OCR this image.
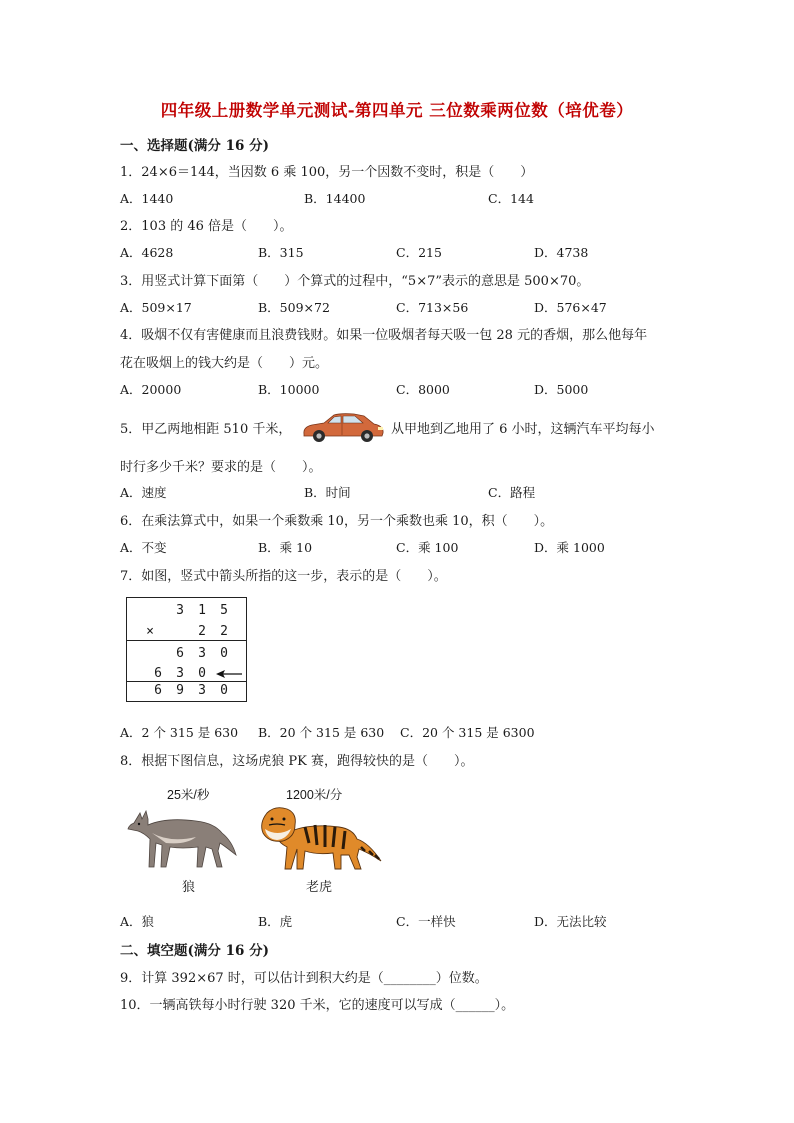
四年级上册数学单元测试-第四单元 三位数乘两位数（培优卷）
一、选择题(满分 16 分)
1．24×6＝144，当因数 6 乘 100，另一个因数不变时，积是（　　）
A．1440	B．14400	C．144
2．103 的 46 倍是（　　）。
A．4628	B．315	C．215	D．4738
3．用竖式计算下面第（　　）个算式的过程中，“5×7”表示的意思是 500×70。
A．509×17	B．509×72	C．713×56	D．576×47
4．吸烟不仅有害健康而且浪费钱财。如果一位吸烟者每天吸一包 28 元的香烟，那么他每年
花在吸烟上的钱大约是（　　）元。
A．20000	B．10000	C．8000	D．5000
5．甲乙两地相距 510 千米，	从甲地到乙地用了 6 小时，这辆汽车平均每小
时行多少千米？要求的是（　　）。
A．速度	B．时间	C．路程
6．在乘法算式中，如果一个乘数乘 10，另一个乘数也乘 10，积（　　）。
A．不变	B．乘 10	C．乘 100	D．乘 1000
7．如图，竖式中箭头所指的这一步，表示的是（　　）。
3	1	5
×	2	2
6	3	0
6	3	0
6	9	3	0
A．2 个 315 是 630 B．20 个 315 是 630 C．20 个 315 是 6300
8．根据下图信息，这场虎狼 PK 赛，跑得较快的是（　　）。
25米/秒	1200米/分
狼	老虎
A．狼	B．虎	C．一样快	D．无法比较
二、填空题(满分 16 分)
9．计算 392×67 时，可以估计到积大约是（________）位数。
10．一辆高铁每小时行驶 320 千米，它的速度可以写成（______）。
